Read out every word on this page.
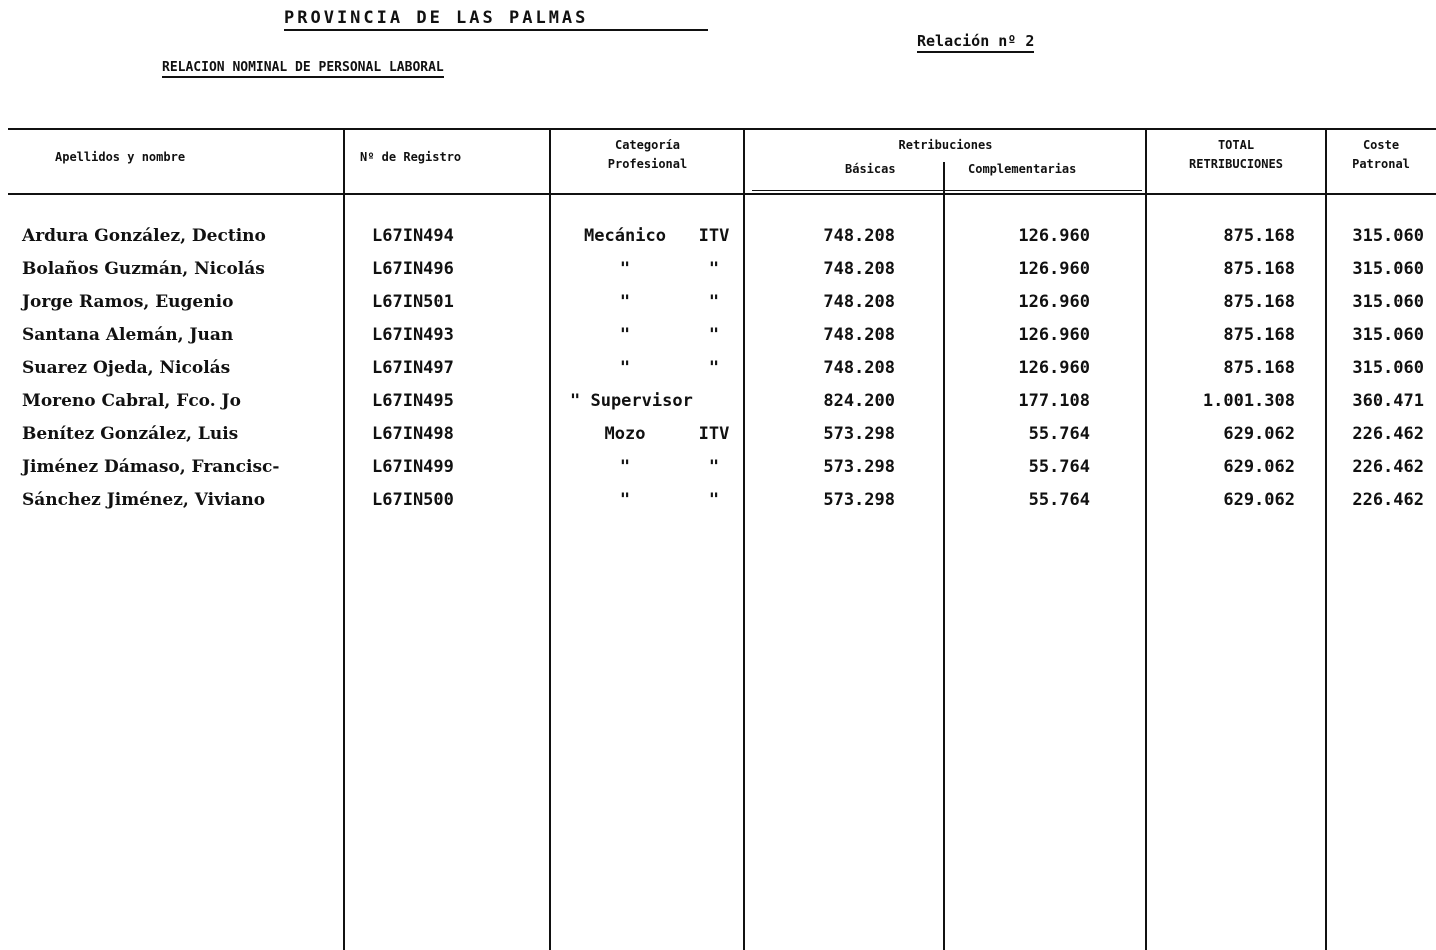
PROVINCIA DE LAS PALMAS
Relación nº 2
RELACION NOMINAL DE PERSONAL LABORAL
Apellidos y nombre	Nº de Registro
Categoría
Profesional
Retribuciones
Básicas	Complementarias
TOTAL
RETRIBUCIONES
Coste
Patronal
Ardura González, Dectino	L67IN494	Mecánico	ITV	748.208	126.960	875.168	315.060
Bolaños Guzmán, Nicolás	L67IN496	"	"	748.208	126.960	875.168	315.060
Jorge Ramos, Eugenio	L67IN501	"	"	748.208	126.960	875.168	315.060
Santana Alemán, Juan	L67IN493	"	"	748.208	126.960	875.168	315.060
Suarez Ojeda, Nicolás	L67IN497	"	"	748.208	126.960	875.168	315.060
Moreno Cabral, Fco. Jo	L67IN495	" Supervisor	824.200	177.108	1.001.308	360.471
Benítez González, Luis	L67IN498	Mozo	ITV	573.298	55.764	629.062	226.462
Jiménez Dámaso, Francisc-	L67IN499	"	"	573.298	55.764	629.062	226.462
Sánchez Jiménez, Viviano	L67IN500	"	"	573.298	55.764	629.062	226.462
